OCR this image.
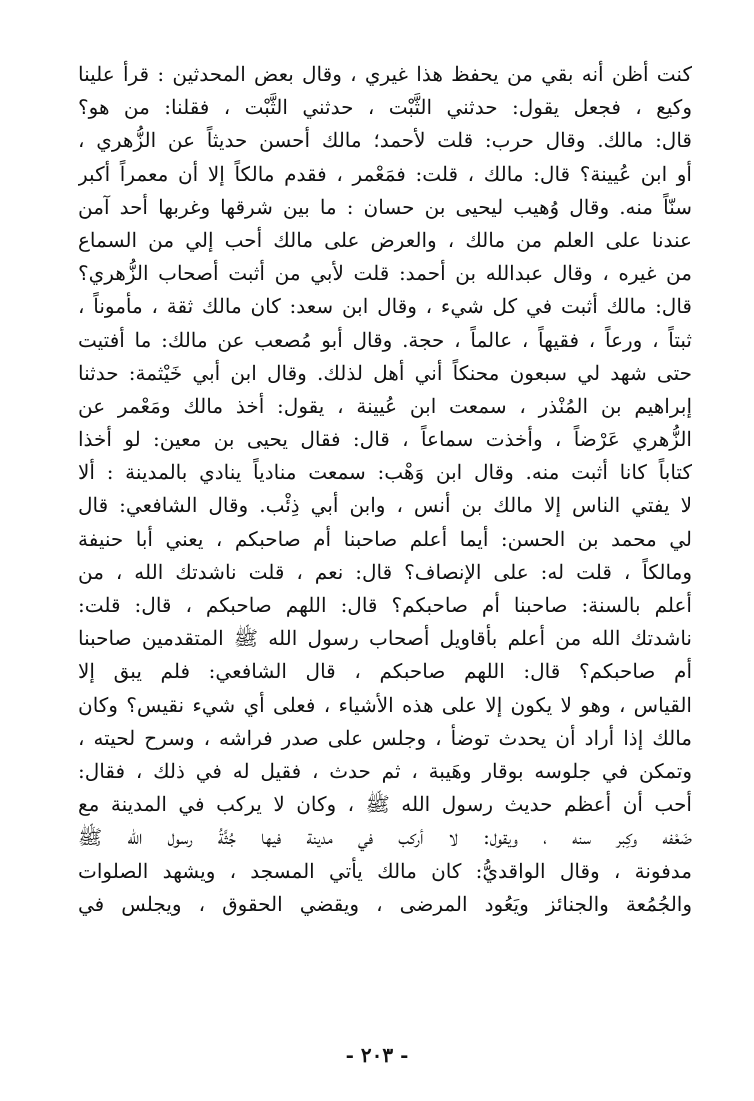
كنت أظن أنه بقي من يحفظ هذا غيري ، وقال بعض المحدثين : قرأ علينا
وكيع ، فجعل يقول: حدثني الثَّبْت ، حدثني الثَّبْت ، فقلنا: من هو؟
قال: مالك. وقال حرب: قلت لأحمد؛ مالك أحسن حديثاً عن الزُّهري ،
أو ابن عُيينة؟ قال: مالك ، قلت: فمَعْمر ، فقدم مالكاً إلا أن معمراً أكبر
سنّاً منه. وقال وُهيب ليحيى بن حسان : ما بين شرقها وغربها أحد آمن
عندنا على العلم من مالك ، والعرض على مالك أحب إلي من السماع
من غيره ، وقال عبدالله بن أحمد: قلت لأبي من أثبت أصحاب الزُّهري؟
قال: مالك أثبت في كل شيء ، وقال ابن سعد: كان مالك ثقة ، مأموناً ،
ثبتاً ، ورعاً ، فقيهاً ، عالماً ، حجة. وقال أبو مُصعب عن مالك: ما أفتيت
حتى شهد لي سبعون محنكاً أني أهل لذلك. وقال ابن أبي خَيْثمة: حدثنا
إبراهيم بن المُنْذر ، سمعت ابن عُيينة ، يقول: أخذ مالك ومَعْمر عن
الزُّهري عَرْضاً ، وأخذت سماعاً ، قال: فقال يحيى بن معين: لو أخذا
كتاباً كانا أثبت منه. وقال ابن وَهْب: سمعت منادياً ينادي بالمدينة : ألا
لا يفتي الناس إلا مالك بن أنس ، وابن أبي ذِئْب. وقال الشافعي: قال
لي محمد بن الحسن: أيما أعلم صاحبنا أم صاحبكم ، يعني أبا حنيفة
ومالكاً ، قلت له: على الإنصاف؟ قال: نعم ، قلت ناشدتك الله ، من
أعلم بالسنة: صاحبنا أم صاحبكم؟ قال: اللهم صاحبكم ، قال: قلت:
ناشدتك الله من أعلم بأقاويل أصحاب رسول الله ﷺ المتقدمين صاحبنا
أم صاحبكم؟ قال: اللهم صاحبكم ، قال الشافعي: فلم يبق إلا
القياس ، وهو لا يكون إلا على هذه الأشياء ، فعلى أي شيء نقيس؟ وكان
مالك إذا أراد أن يحدث توضأ ، وجلس على صدر فراشه ، وسرح لحيته ،
وتمكن في جلوسه بوقار وهَيبة ، ثم حدث ، فقيل له في ذلك ، فقال:
أحب أن أعظم حديث رسول الله ﷺ ، وكان لا يركب في المدينة مع
ضَعْفه وكِبر سنه ، ويقول: لا أركب في مدينة فيها جُثَّةُ رسول الله ﷺ
مدفونة ، وقال الواقديُّ: كان مالك يأتي المسجد ، ويشهد الصلوات
والجُمُعة والجنائز ويَعُود المرضى ، ويقضي الحقوق ، ويجلس في
- ٢٠٣ -
